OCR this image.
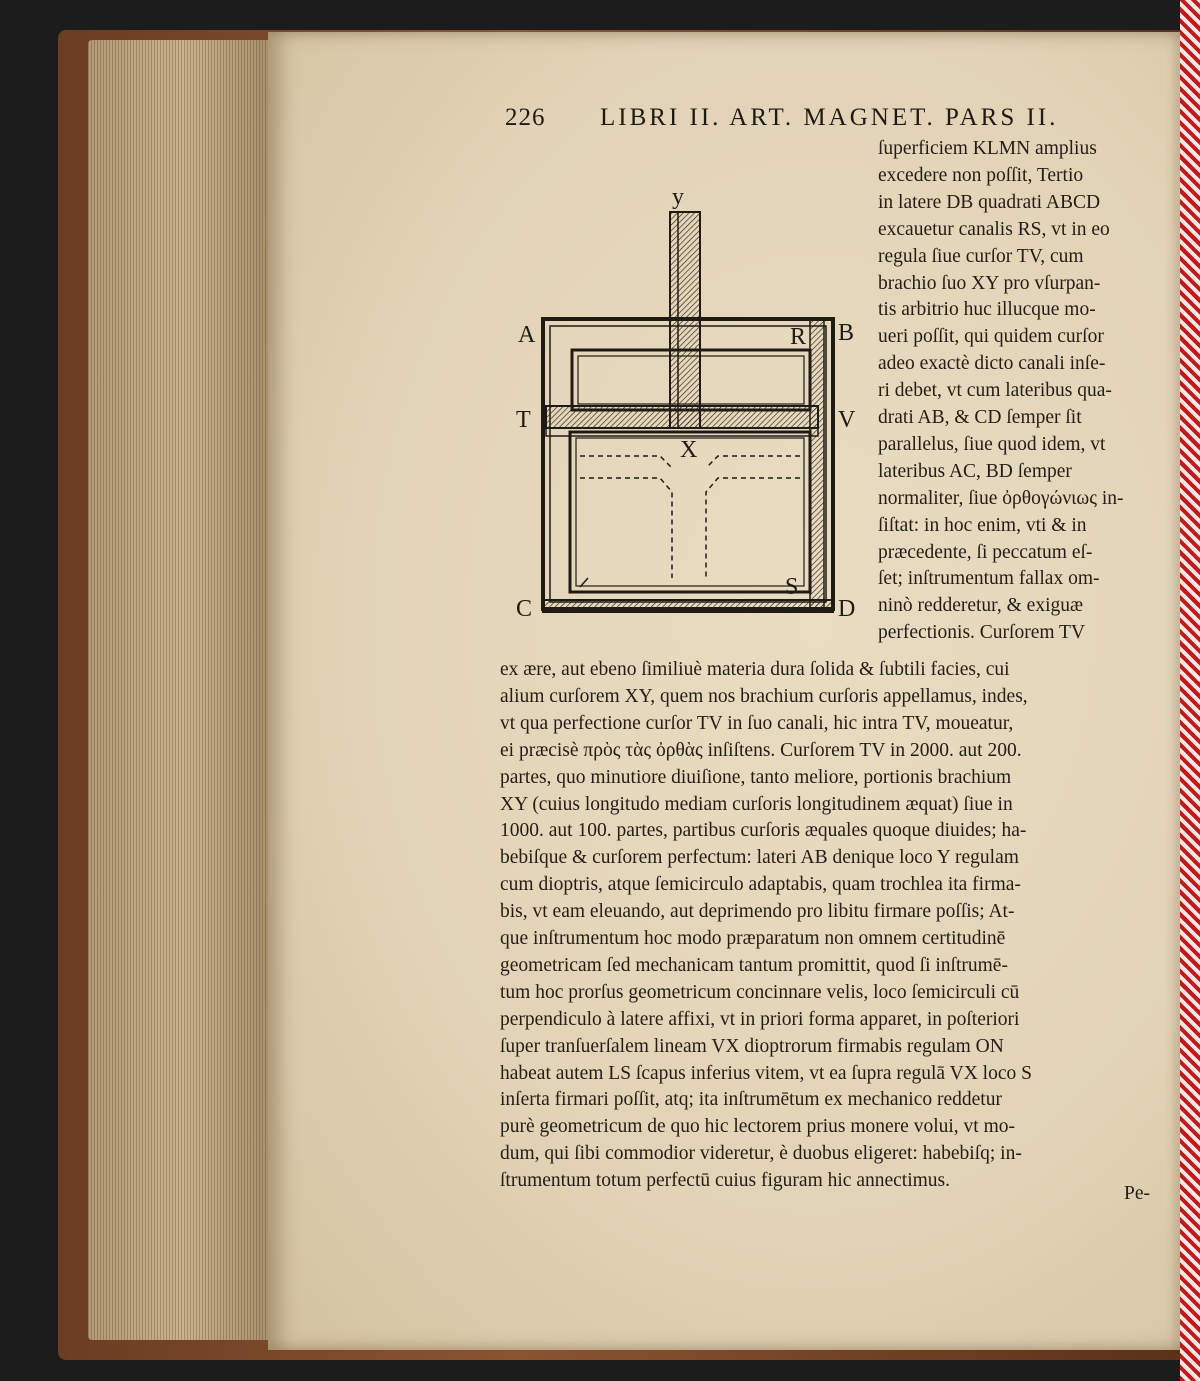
226 LIBRI II. ART. MAGNET. PARS II.
A	B
C	D
R
S
T	V
X
y
ſuperficiem KLMN amplius
excedere non poſſit, Tertio
in latere DB quadrati ABCD
excauetur canalis RS, vt in eo
regula ſiue curſor TV, cum
brachio ſuo XY pro vſurpan-
tis arbitrio huc illucque mo-
ueri poſſit, qui quidem curſor
adeo exactè dicto canali inſe-
ri debet, vt cum lateribus qua-
drati AB, & CD ſemper ſit
parallelus, ſiue quod idem, vt
lateribus AC, BD ſemper
normaliter, ſiue ὀρθογώνιως in-
ſiſtat: in hoc enim, vti & in
præcedente, ſi peccatum eſ-
ſet; inſtrumentum fallax om-
ninò redderetur, & exiguæ
perfectionis. Curſorem TV
ex ære, aut ebeno ſimiliuè materia dura ſolida & ſubtili facies, cui
alium curſorem XY, quem nos brachium curſoris appellamus, indes,
vt qua perfectione curſor TV in ſuo canali, hic intra TV, moueatur,
ei præcisè πρὸς τὰς ὀρθὰς inſiſtens. Curſorem TV in 2000. aut 200.
partes, quo minutiore diuiſione, tanto meliore, portionis brachium
XY (cuius longitudo mediam curſoris longitudinem æquat) ſiue in
1000. aut 100. partes, partibus curſoris æquales quoque diuides; ha-
bebiſque & curſorem perfectum: lateri AB denique loco Y regulam
cum dioptris, atque ſemicirculo adaptabis, quam trochlea ita firma-
bis, vt eam eleuando, aut deprimendo pro libitu firmare poſſis; At-
que inſtrumentum hoc modo præparatum non omnem certitudinē
geometricam ſed mechanicam tantum promittit, quod ſi inſtrumē-
tum hoc prorſus geometricum concinnare velis, loco ſemicirculi cū
perpendiculo à latere affixi, vt in priori forma apparet, in poſteriori
ſuper tranſuerſalem lineam VX dioptrorum firmabis regulam ON
habeat autem LS ſcapus inferius vitem, vt ea ſupra regulā VX loco S
inſerta firmari poſſit, atq; ita inſtrumētum ex mechanico reddetur
purè geometricum de quo hic lectorem prius monere volui, vt mo-
dum, qui ſibi commodior videretur, è duobus eligeret: habebiſq; in-
ſtrumentum totum perfectū cuius figuram hic annectimus.
Pe-
